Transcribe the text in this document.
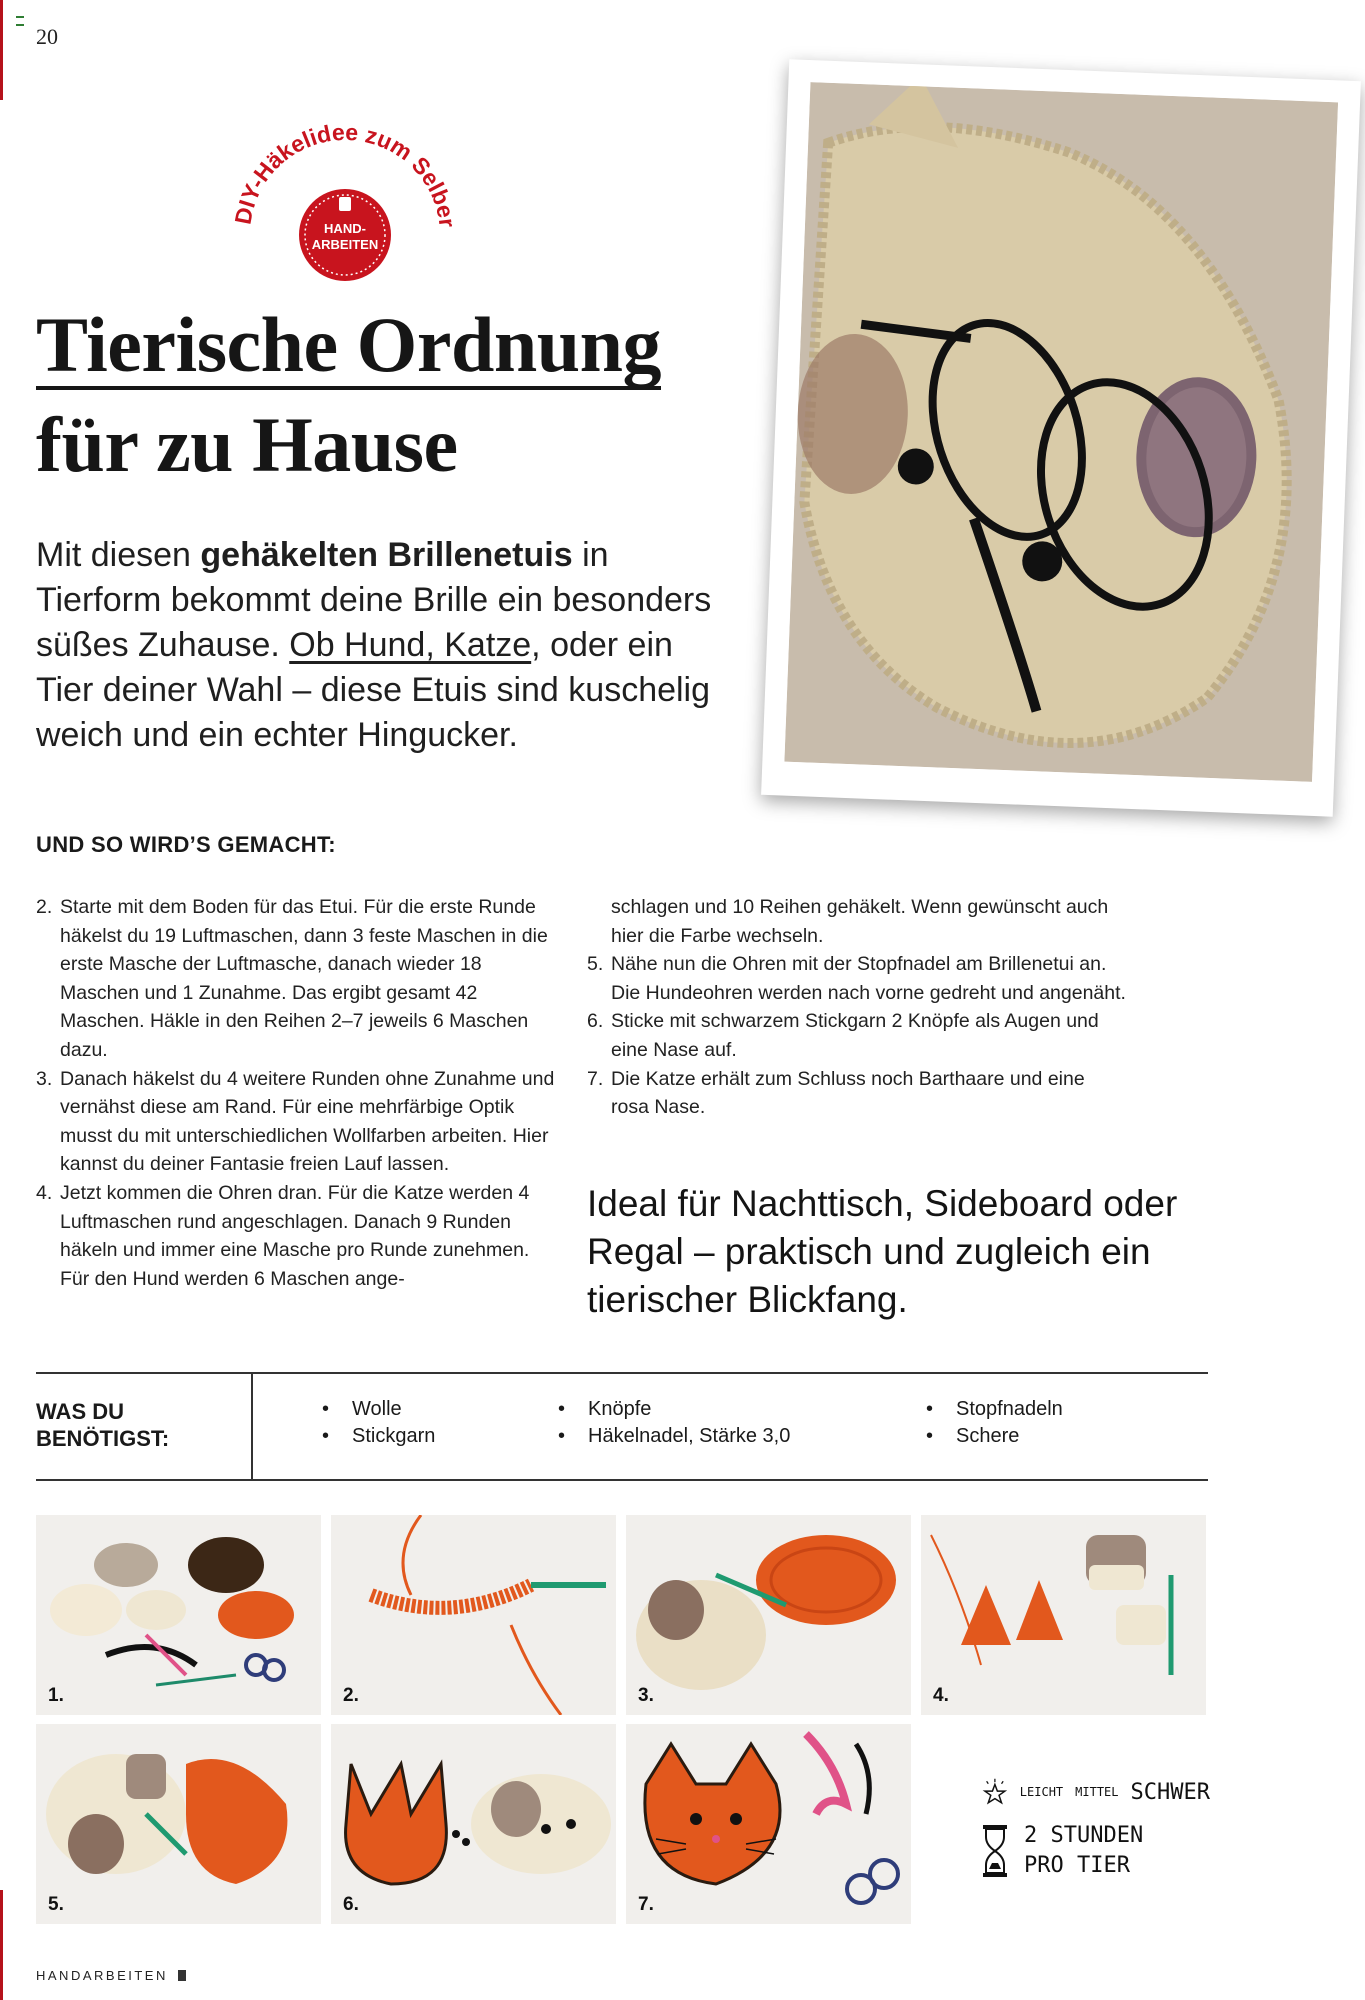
20
DIY-Häkelidee zum Selber
HAND-
ARBEITEN
Tierische Ordnung
für zu Hause
Mit diesen gehäkelten Brillenetuis in Tierform bekommt deine Brille ein besonders süßes Zuhause. Ob Hund, Katze, oder ein Tier deiner Wahl – diese Etuis sind kuschelig weich und ein echter Hingucker.
UND SO WIRD’S GEMACHT:
2. Starte mit dem Boden für das Etui. Für die erste Runde häkelst du 19 Luftmaschen, dann 3 feste Maschen in die erste Masche der Luftmasche, danach wieder 18 Maschen und 1 Zunahme. Das ergibt gesamt 42 Maschen. Häkle in den Reihen 2–7 jeweils 6 Maschen dazu.
3. Danach häkelst du 4 weitere Runden ohne Zunahme und vernähst diese am Rand. Für eine mehrfärbige Optik musst du mit unterschiedlichen Wollfarben arbeiten. Hier kannst du deiner Fantasie freien Lauf lassen.
4. Jetzt kommen die Ohren dran. Für die Katze werden 4 Luftmaschen rund angeschlagen. Danach 9 Runden häkeln und immer eine Masche pro Runde zunehmen. Für den Hund werden 6 Maschen ange-
schlagen und 10 Reihen gehäkelt. Wenn gewünscht auch hier die Farbe wechseln.
5. Nähe nun die Ohren mit der Stopfnadel am Brillenetui an. Die Hundeohren werden nach vorne gedreht und angenäht.
6. Sticke mit schwarzem Stickgarn 2 Knöpfe als Augen und eine Nase auf.
7. Die Katze erhält zum Schluss noch Barthaare und eine rosa Nase.
Ideal für Nachttisch, Sideboard oder Regal – praktisch und zugleich ein tierischer Blickfang.
WAS DU
BENÖTIGST:
• Wolle
• Stickgarn
• Knöpfe
• Häkelnadel, Stärke 3,0
• Stopfnadeln
• Schere
1.	2.	3.	4.
5.	6.	7.
LEICHT MITTEL SCHWER
2 STUNDEN
PRO TIER
HANDARBEITEN
